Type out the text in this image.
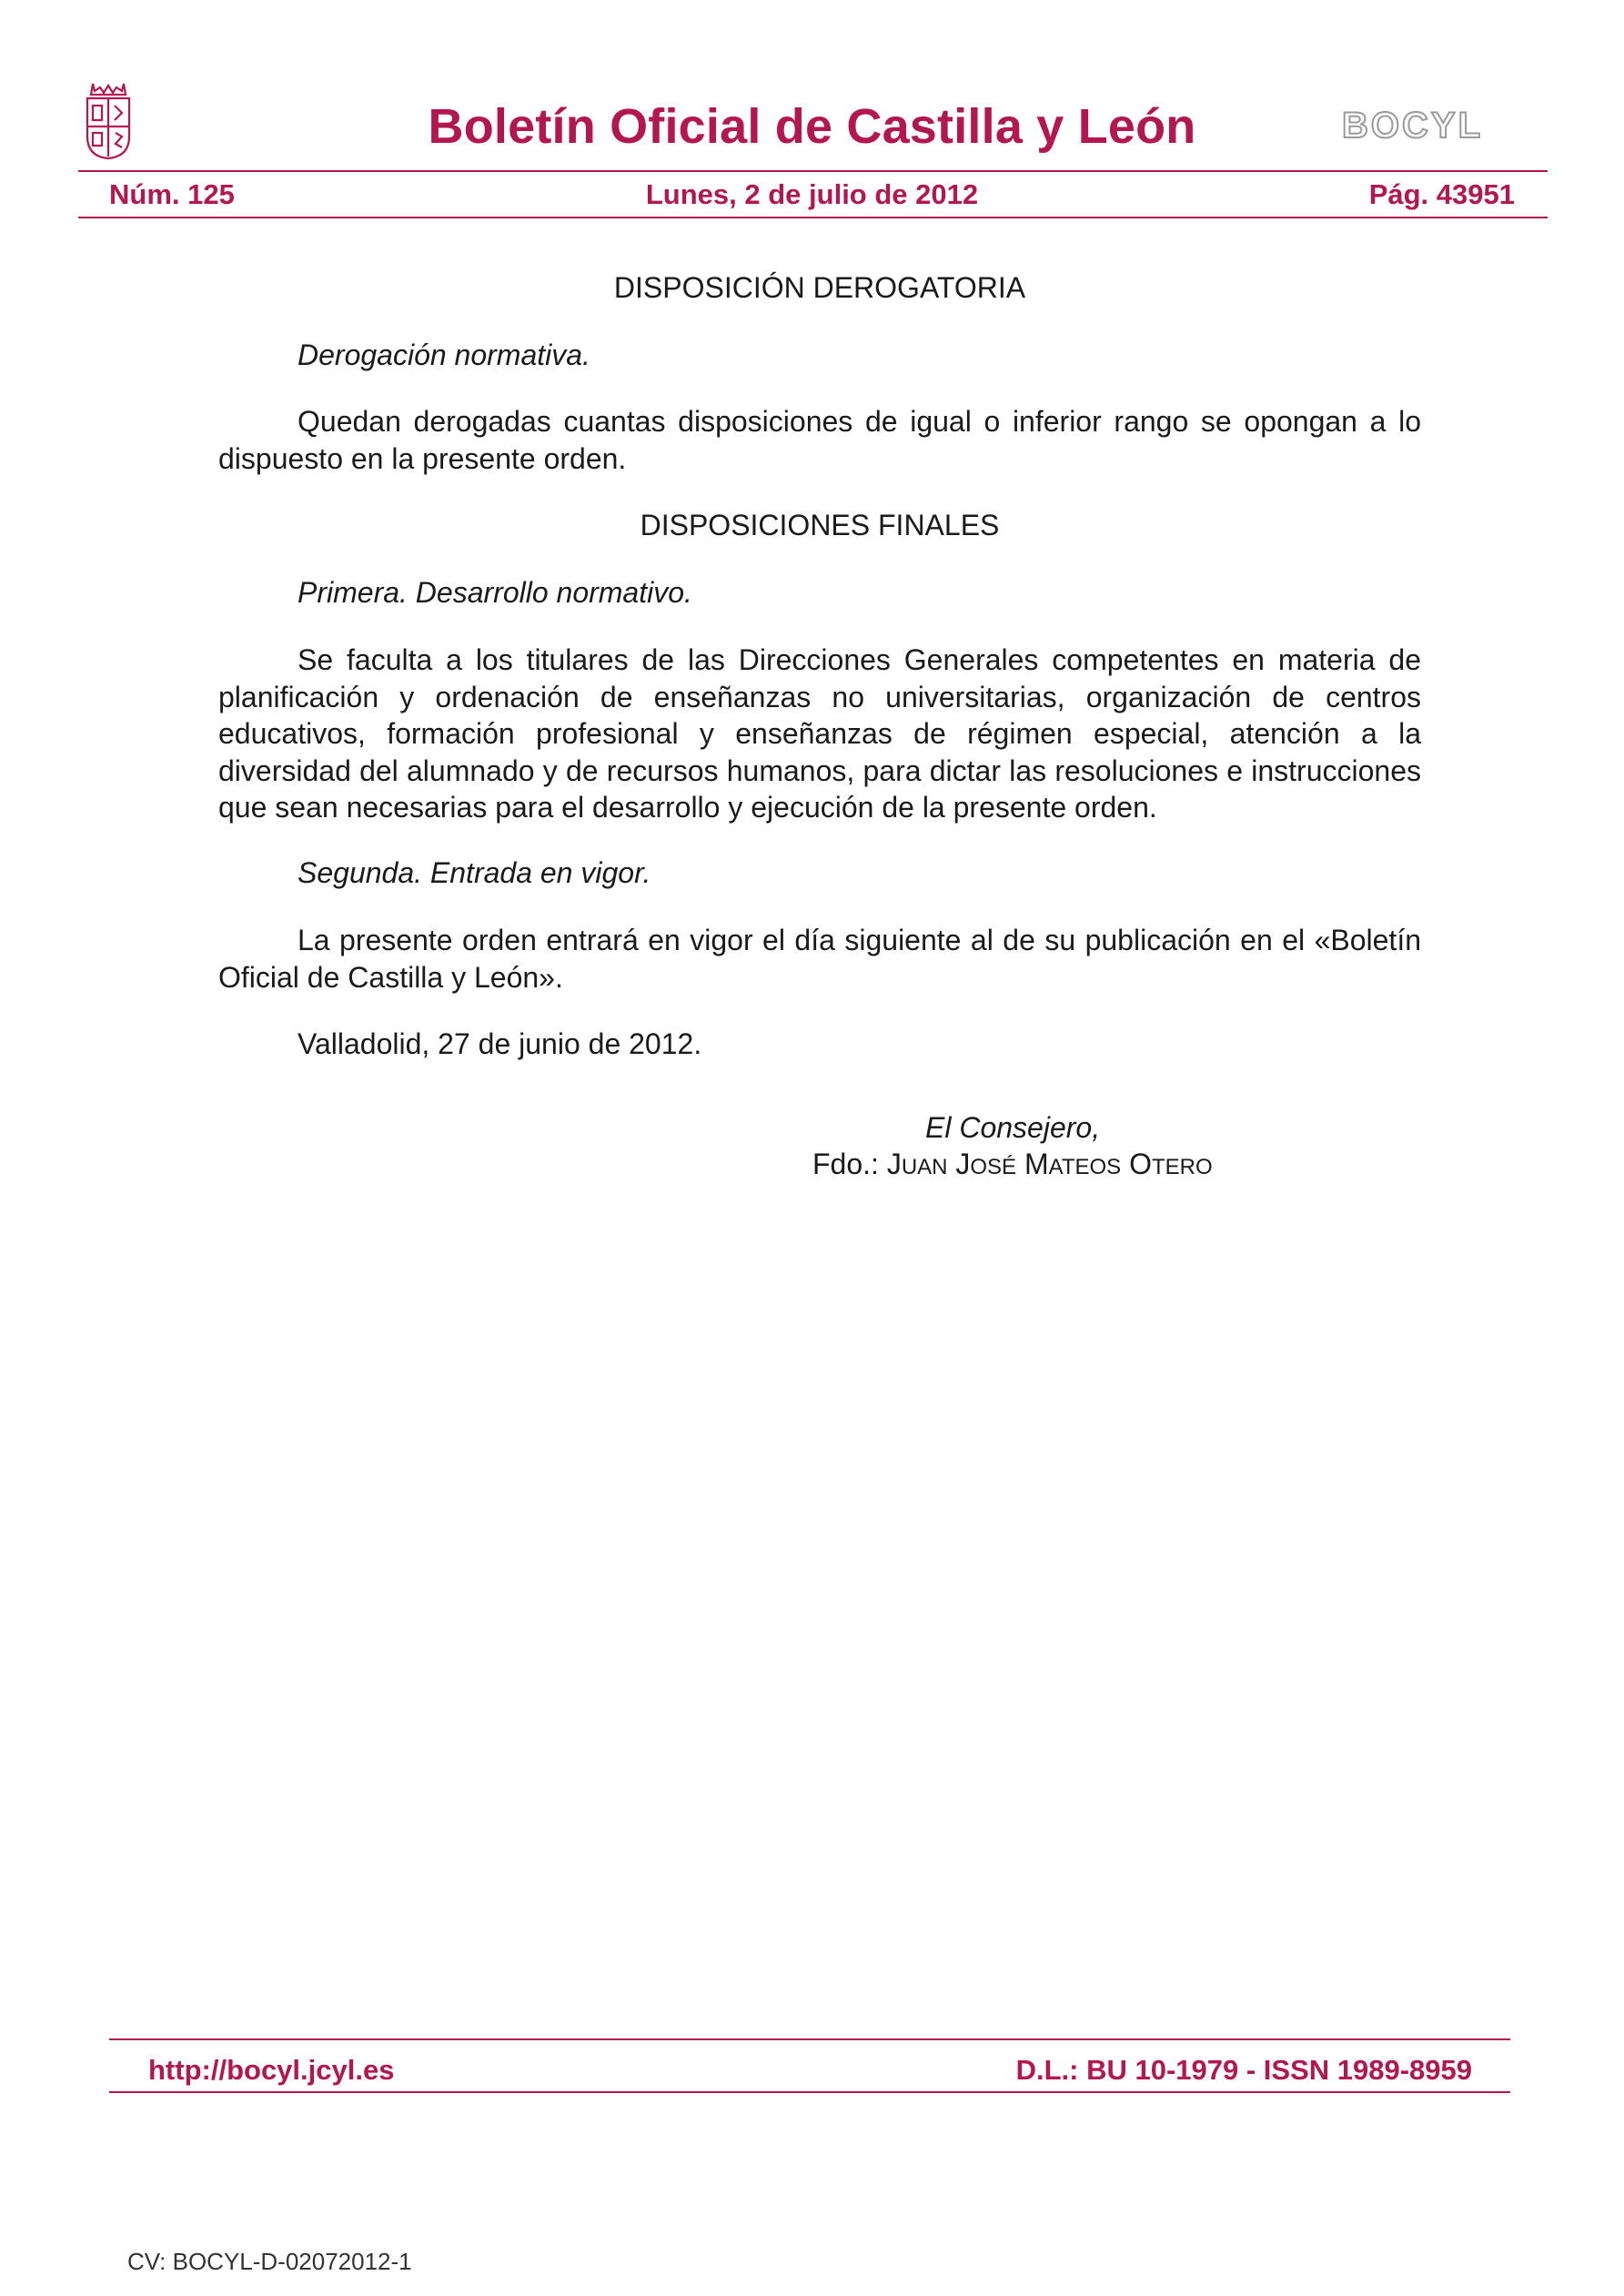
Boletín Oficial de Castilla y León	BOCYL
Núm. 125	Lunes, 2 de julio de 2012	Pág. 43951
DISPOSICIÓN DEROGATORIA
Derogación normativa.
Quedan derogadas cuantas disposiciones de igual o inferior rango se opongan a lo dispuesto en la presente orden.
DISPOSICIONES FINALES
Primera. Desarrollo normativo.
Se faculta a los titulares de las Direcciones Generales competentes en materia de planificación y ordenación de enseñanzas no universitarias, organización de centros educativos, formación profesional y enseñanzas de régimen especial, atención a la diversidad del alumnado y de recursos humanos, para dictar las resoluciones e instrucciones que sean necesarias para el desarrollo y ejecución de la presente orden.
Segunda. Entrada en vigor.
La presente orden entrará en vigor el día siguiente al de su publicación en el «Boletín Oficial de Castilla y León».
Valladolid, 27 de junio de 2012.
El Consejero,
Fdo.: JUAN JOSÉ MATEOS OTERO
http://bocyl.jcyl.es	D.L.: BU 10-1979 - ISSN 1989-8959
CV: BOCYL-D-02072012-1
